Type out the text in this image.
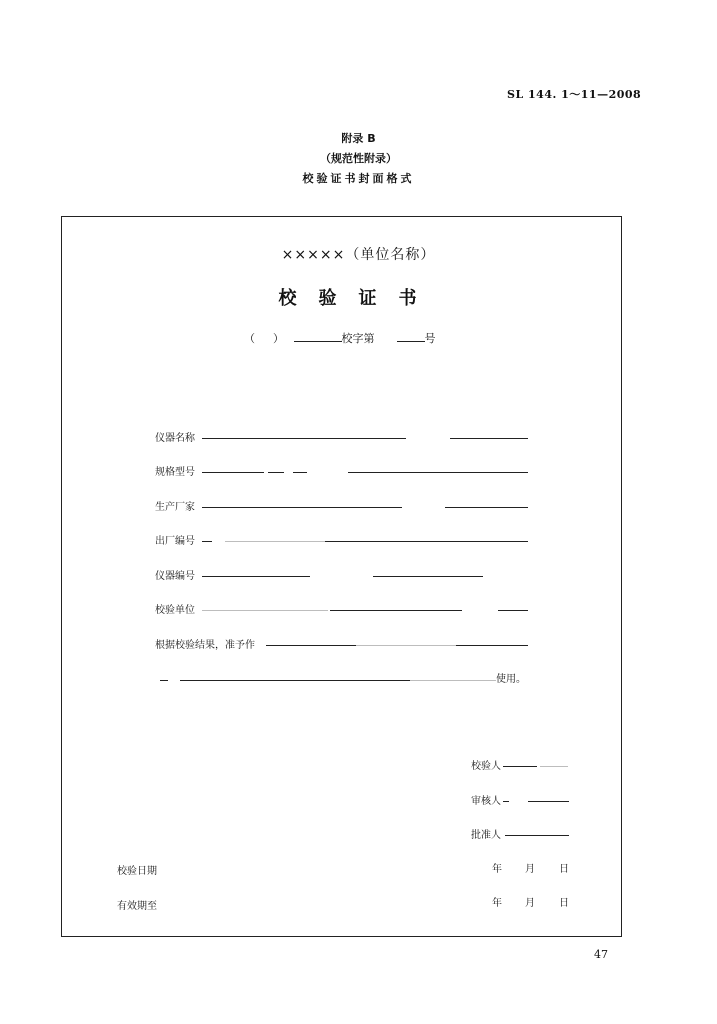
SL 144. 1～11—2008
附录 B
（规范性附录）
校验证书封面格式
×××××（单位名称）
校验证书
（ ）	校字第	号
仪器名称
规格型号
生产厂家
出厂编号
仪器编号
校验单位
根据校验结果，准予作
使用。
校验人
审核人
批准人
校验日期	年 月 日
有效期至	年 月 日
47
